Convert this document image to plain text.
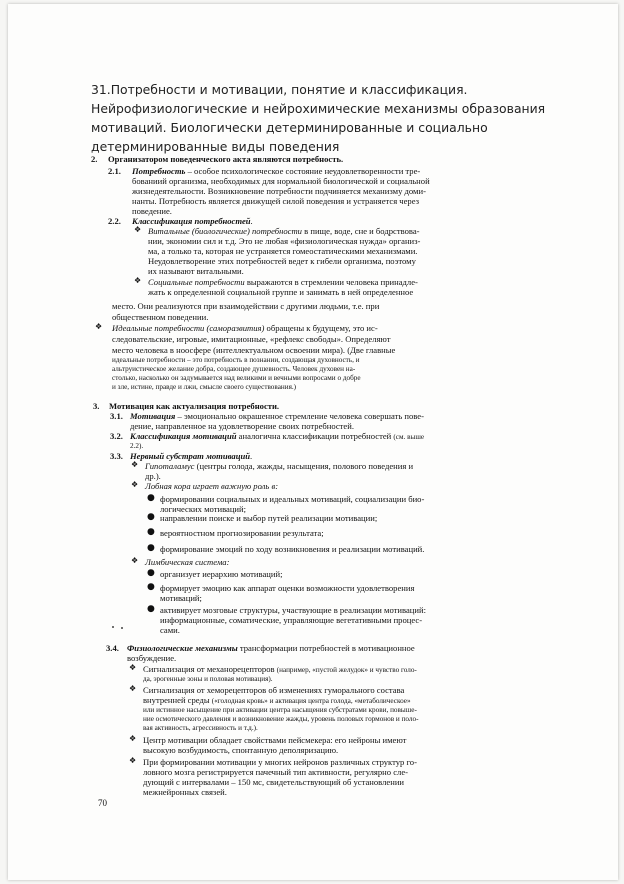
31.Потребности и мотивации, понятие и классификация. Нейрофизиологические и нейрохимические механизмы образования мотиваций. Биологически детерминированные и социально детерминированные виды поведения
2. Организатором поведенческого акта являются потребность.
2.1. Потребность – особое психологическое состояние неудовлетворенности тре-
бованиий организма, необходимых для нормальной биологической и социальной
жизнедеятельности. Возникновение потребности подчиняется механизму доми-
нанты. Потребность является движущей силой поведения и устраняется через
поведение.
2.2. Классификация потребностей.
❖ Витальные (биологические) потребности в пище, воде, сне и бодрствова-
нии, экономии сил и т.д. Это не любая «физиологическая нужда» организ-
ма, а только та, которая не устраняется гомеостатическими механизмами.
Неудовлетворение этих потребностей ведет к гибели организма, поэтому
их называют витальными.
❖ Социальные потребности выражаются в стремлении человека принадле-
жать к определенной социальной группе и занимать в ней определенное
место. Они реализуются при взаимодействии с другими людьми, т.е. при
общественном поведении.
❖ Идеальные потребности (саморазвития) обращены к будущему, это ис-
следовательские, игровые, имитационные, «рефлекс свободы». Определяют
место человека в ноосфере (интеллектуальном освоении мира). (Две главные
идеальные потребности – это потребность в познании, создающая духовность, и
альтруистическое желание добра, создающее душевность. Человек духовен на-
столько, насколько он задумывается над великими и вечными вопросами о добре
и зле, истине, правде и лжи, смысле своего существования.)
3. Мотивация как актуализация потребности.
3.1. Мотивация – эмоционально окрашенное стремление человека совершать пове-
дение, направленное на удовлетворение своих потребностей.
3.2. Классификация мотиваций аналогична классификации потребностей (см. выше
2.2).
3.3. Нервный субстрат мотиваций.
❖ Гипоталамус (центры голода, жажды, насыщения, полового поведения и
др.).
❖ Лобная кора играет важную роль в:
● формировании социальных и идеальных мотиваций, социализации био-
логических мотиваций;
● направлении поиске и выбор путей реализации мотивации;
● вероятностном прогнозировании результата;
● формирование эмоций по ходу возникновения и реализации мотиваций.
❖ Лимбическая система:
● организует иерархию мотиваций;
● формирует эмоцию как аппарат оценки возможности удовлетворения
мотиваций;
● активирует мозговые структуры, участвующие в реализации мотиваций:
информационные, соматические, управляющие вегетативными процес-
сами.
3.4. Физиологические механизмы трансформации потребностей в мотивационное
возбуждение.
❖ Сигнализация от механорецепторов (например, «пустой желудок» и чувство голо-
да, эрогенные зоны и половая мотивация).
❖ Сигнализация от хеморецепторов об изменениях гуморального состава
внутренней среды («голодная кровь» и активация центра голода, «метаболическое»
или истинное насыщение при активации центра насыщения субстратами крови, повыше-
ние осмотического давления и возникновение жажды, уровень половых гормонов и поло-
вая активность, агрессивность и т.д.).
❖ Центр мотивации обладает свойствами пейсмекера: его нейроны имеют
высокую возбудимость, спонтанную деполяризацию.
❖ При формировании мотивации у многих нейронов различных структур го-
ловного мозга регистрируется пачечный тип активности, регулярно сле-
дующий с интервалами – 150 мс, свидетельствующий об установлении
межнейронных связей.
70
